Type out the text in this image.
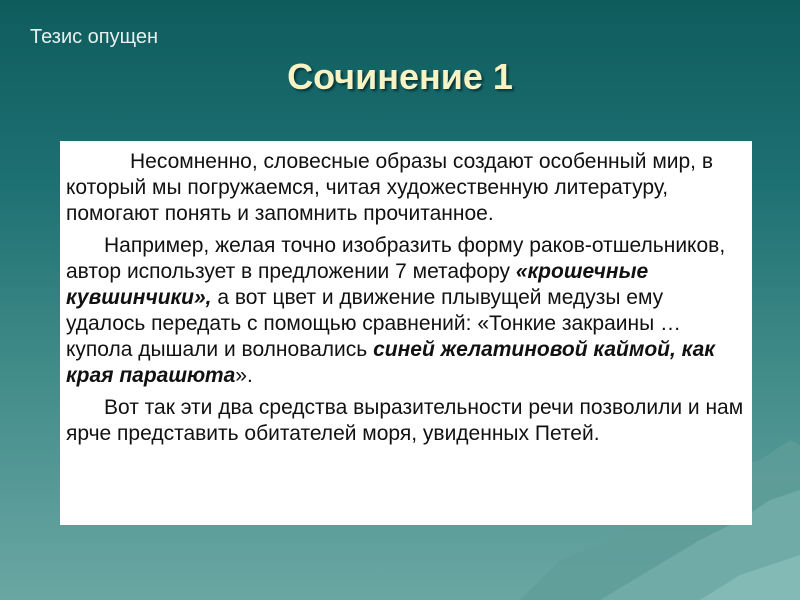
Тезис опущен
Сочинение 1

Несомненно, словесные образы создают особенный мир, в который мы погружаемся, читая художественную литературу, помогают понять и запомнить прочитанное.

Например, желая точно изобразить форму раков-отшельников, автор использует в предложении 7 метафору «крошечные кувшинчики», а вот цвет и движение плывущей медузы ему удалось передать с помощью сравнений: «Тонкие закраины …купола дышали и волновались синей желатиновой каймой, как края парашюта».

Вот так эти два средства выразительности речи позволили и нам ярче представить обитателей моря, увиденных Петей.
